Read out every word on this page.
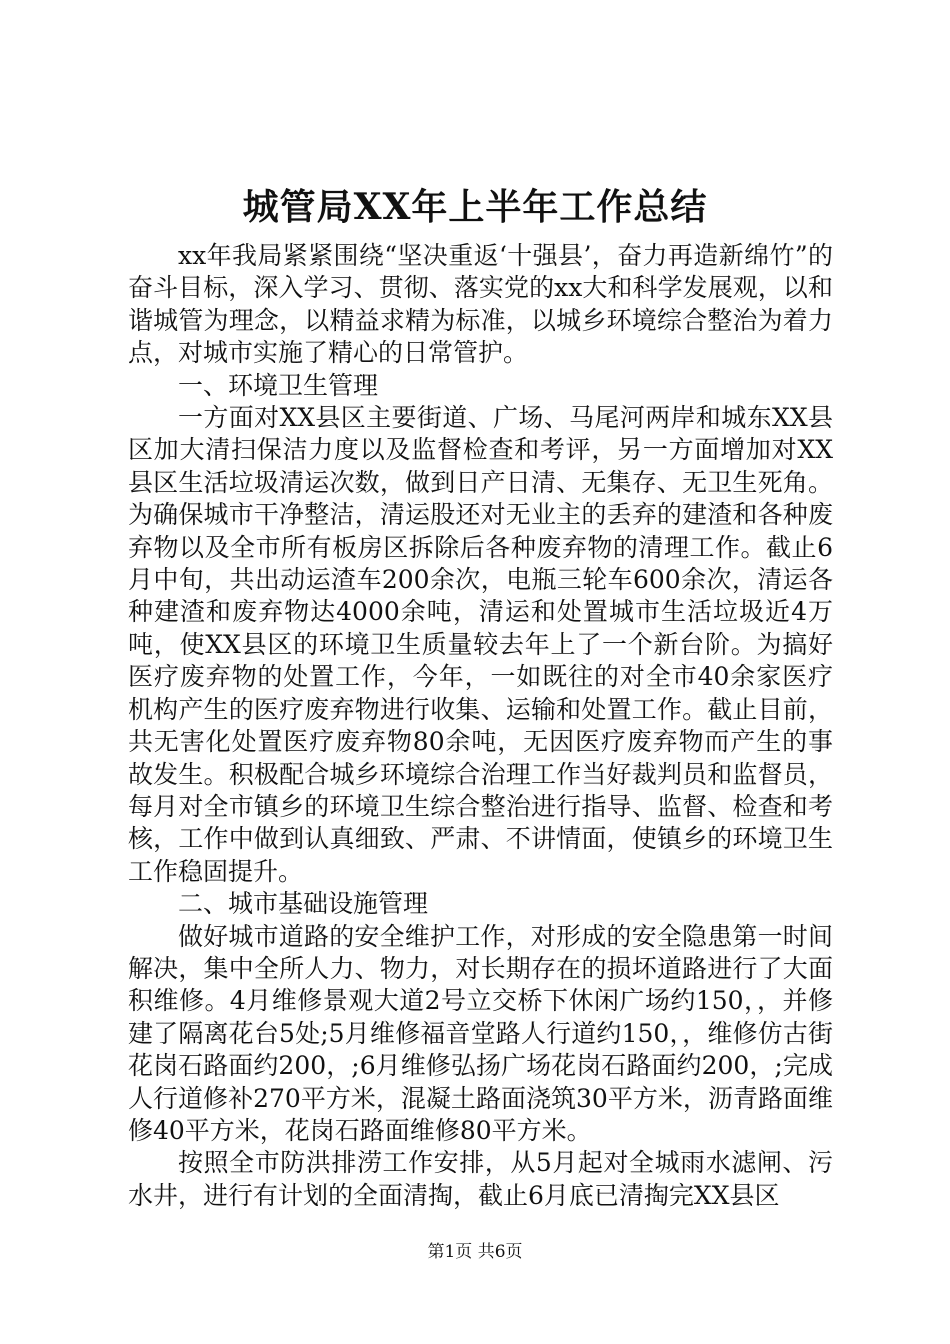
城管局XX年上半年工作总结

xx年我局紧紧围绕“坚决重返‘十强县’，奋力再造新绵竹”的奋斗目标，深入学习、贯彻、落实党的xx大和科学发展观，以和谐城管为理念，以精益求精为标准，以城乡环境综合整治为着力点，对城市实施了精心的日常管护。

一、环境卫生管理

一方面对XX县区主要街道、广场、马尾河两岸和城东XX县区加大清扫保洁力度以及监督检查和考评，另一方面增加对XX县区生活垃圾清运次数，做到日产日清、无集存、无卫生死角。为确保城市干净整洁，清运股还对无业主的丢弃的建渣和各种废弃物以及全市所有板房区拆除后各种废弃物的清理工作。截止6月中旬，共出动运渣车200余次，电瓶三轮车600余次，清运各种建渣和废弃物达4000余吨，清运和处置城市生活垃圾近4万吨，使XX县区的环境卫生质量较去年上了一个新台阶。为搞好医疗废弃物的处置工作，今年，一如既往的对全市40余家医疗机构产生的医疗废弃物进行收集、运输和处置工作。截止目前，共无害化处置医疗废弃物80余吨，无因医疗废弃物而产生的事故发生。积极配合城乡环境综合治理工作当好裁判员和监督员，每月对全市镇乡的环境卫生综合整治进行指导、监督、检查和考核，工作中做到认真细致、严肃、不讲情面，使镇乡的环境卫生工作稳固提升。

二、城市基础设施管理

做好城市道路的安全维护工作，对形成的安全隐患第一时间解决，集中全所人力、物力，对长期存在的损坏道路进行了大面积维修。4月维修景观大道2号立交桥下休闲广场约150，，并修建了隔离花台5处;5月维修福音堂路人行道约150，，维修仿古街花岗石路面约200，;6月维修弘扬广场花岗石路面约200，;完成人行道修补270平方米，混凝土路面浇筑30平方米，沥青路面维修40平方米，花岗石路面维修80平方米。

按照全市防洪排涝工作安排，从5月起对全城雨水滤闸、污水井，进行有计划的全面清掏，截止6月底已清掏完XX县区

第1页 共6页
